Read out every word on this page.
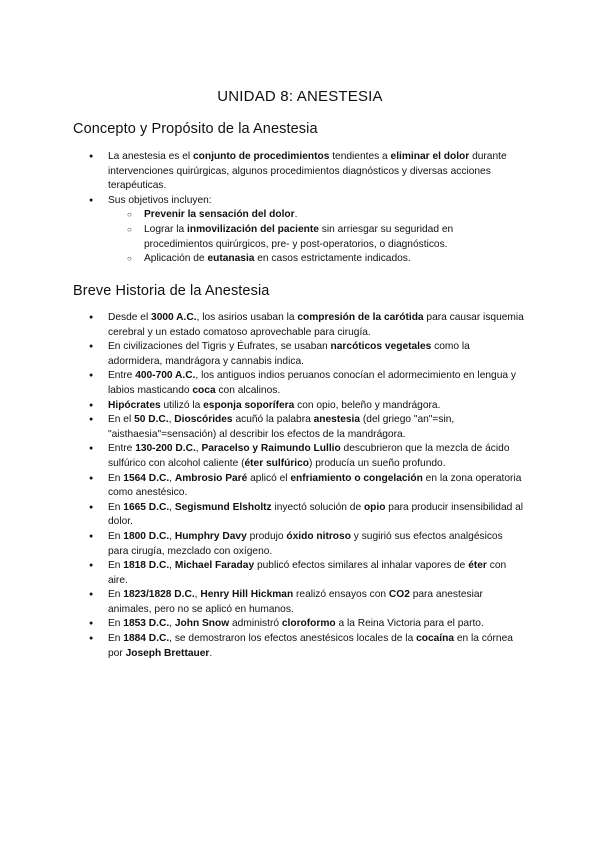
UNIDAD 8: ANESTESIA
Concepto y Propósito de la Anestesia
● La anestesia es el conjunto de procedimientos tendientes a eliminar el dolor durante intervenciones quirúrgicas, algunos procedimientos diagnósticos y diversas acciones terapéuticas.
● Sus objetivos incluyen:
○ Prevenir la sensación del dolor.
○ Lograr la inmovilización del paciente sin arriesgar su seguridad en procedimientos quirúrgicos, pre- y post-operatorios, o diagnósticos.
○ Aplicación de eutanasia en casos estrictamente indicados.
Breve Historia de la Anestesia
● Desde el 3000 A.C., los asirios usaban la compresión de la carótida para causar isquemia cerebral y un estado comatoso aprovechable para cirugía.
● En civilizaciones del Tigris y Éufrates, se usaban narcóticos vegetales como la adormidera, mandrágora y cannabis indica.
● Entre 400-700 A.C., los antiguos indios peruanos conocían el adormecimiento en lengua y labios masticando coca con alcalinos.
● Hipócrates utilizó la esponja soporífera con opio, beleño y mandrágora.
● En el 50 D.C., Dioscórides acuñó la palabra anestesia (del griego "an"=sin, "aisthaesia"=sensación) al describir los efectos de la mandrágora.
● Entre 130-200 D.C., Paracelso y Raimundo Lullio descubrieron que la mezcla de ácido sulfúrico con alcohol caliente (éter sulfúrico) producía un sueño profundo.
● En 1564 D.C., Ambrosio Paré aplicó el enfriamiento o congelación en la zona operatoria como anestésico.
● En 1665 D.C., Segismund Elsholtz inyectó solución de opio para producir insensibilidad al dolor.
● En 1800 D.C., Humphry Davy produjo óxido nitroso y sugirió sus efectos analgésicos para cirugía, mezclado con oxígeno.
● En 1818 D.C., Michael Faraday publicó efectos similares al inhalar vapores de éter con aire.
● En 1823/1828 D.C., Henry Hill Hickman realizó ensayos con CO2 para anestesiar animales, pero no se aplicó en humanos.
● En 1853 D.C., John Snow administró cloroformo a la Reina Victoria para el parto.
● En 1884 D.C., se demostraron los efectos anestésicos locales de la cocaína en la córnea por Joseph Brettauer.
